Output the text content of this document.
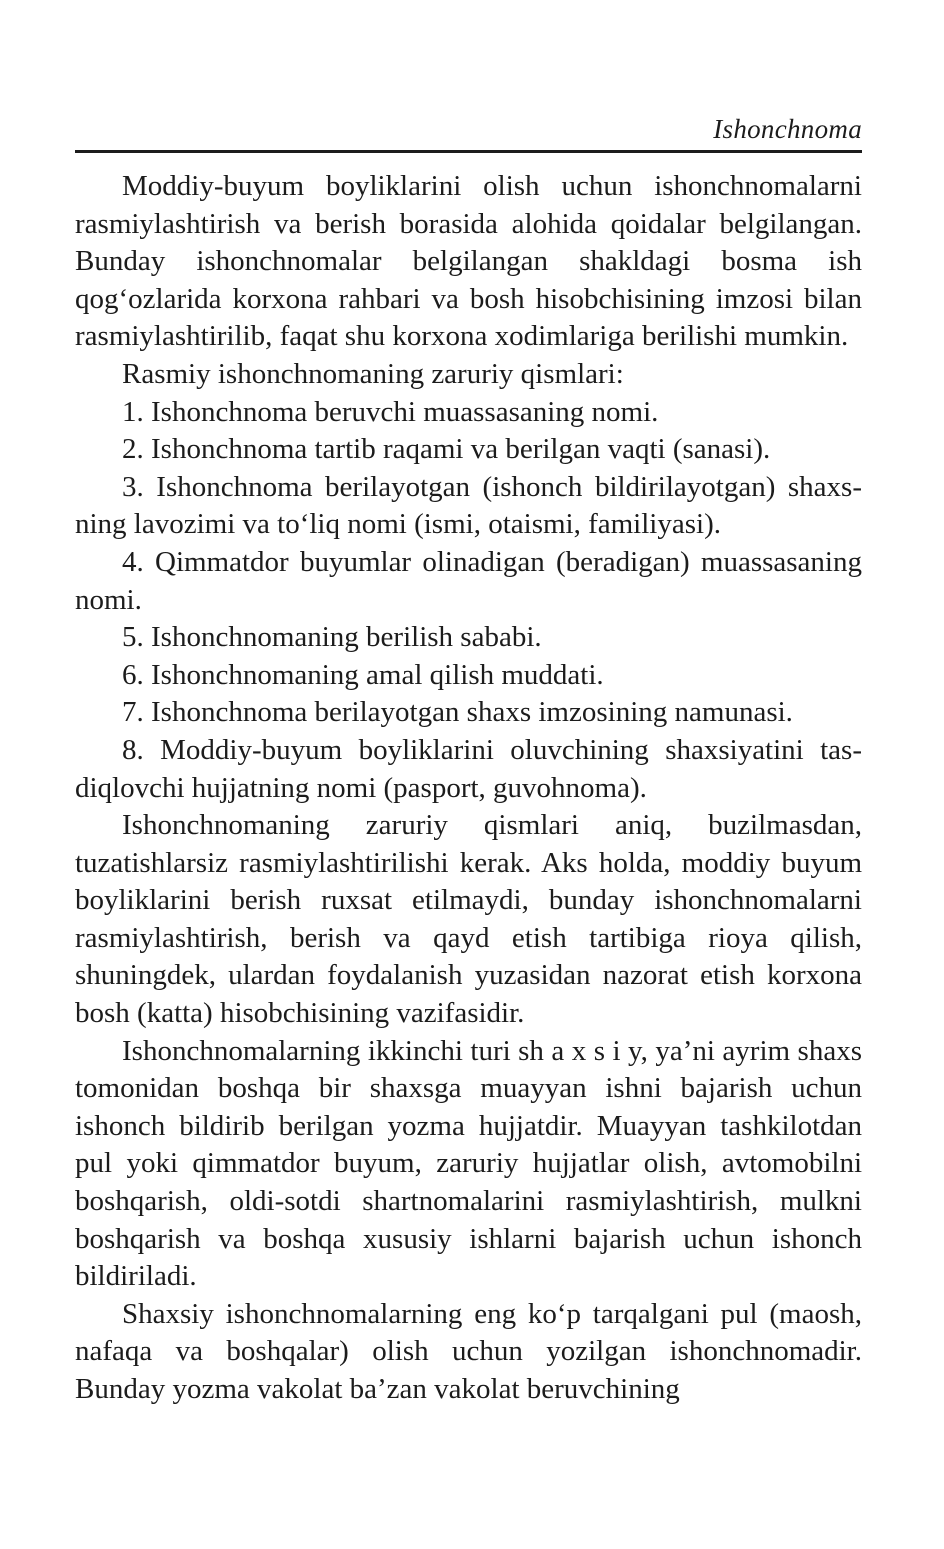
Ishonchnoma

Moddiy-buyum boyliklarini olish uchun ishonchnomalarni rasmiylashtirish va berish borasida alohida qoidalar belgilangan. Bunday ishonchnomalar belgilangan shakldagi bosma ish qog‘ozlarida korxona rahbari va bosh hisobchisining imzosi bilan rasmiylashtirilib, faqat shu korxona xodimlariga berilishi mumkin.

Rasmiy ishonchnomaning zaruriy qismlari:

1. Ishonchnoma beruvchi muassasaning nomi.

2. Ishonchnoma tartib raqami va berilgan vaqti (sanasi).

3. Ishonchnoma berilayotgan (ishonch bildirilayotgan) shaxsning lavozimi va to‘liq nomi (ismi, otaismi, familiyasi).

4. Qimmatdor buyumlar olinadigan (beradigan) muassasaning nomi.

5. Ishonchnomaning berilish sababi.

6. Ishonchnomaning amal qilish muddati.

7. Ishonchnoma berilayotgan shaxs imzosining namunasi.

8. Moddiy-buyum boyliklarini oluvchining shaxsiyatini tasdiqlovchi hujjatning nomi (pasport, guvohnoma).

Ishonchnomaning zaruriy qismlari aniq, buzilmasdan, tuzatishlarsiz rasmiylashtirilishi kerak. Aks holda, moddiy buyum boyliklarini berish ruxsat etilmaydi, bunday ishonchnomalarni rasmiylashtirish, berish va qayd etish tartibiga rioya qilish, shuningdek, ulardan foydalanish yuzasidan nazorat etish korxona bosh (katta) hisobchisining vazifasidir.

Ishonchnomalarning ikkinchi turi sh a x s i y, ya’ni ayrim shaxs tomonidan boshqa bir shaxsga muayyan ishni bajarish uchun ishonch bildirib berilgan yozma hujjatdir. Muayyan tashkilotdan pul yoki qimmatdor buyum, zaruriy hujjatlar olish, avtomobilni boshqarish, oldi-sotdi shartnomalarini rasmiylashtirish, mulkni boshqarish va boshqa xususiy ishlarni bajarish uchun ishonch bildiriladi.

Shaxsiy ishonchnomalarning eng ko‘p tarqalgani pul (maosh, nafaqa va boshqalar) olish uchun yozilgan ishonchnomadir. Bunday yozma vakolat ba’zan vakolat beruvchining
